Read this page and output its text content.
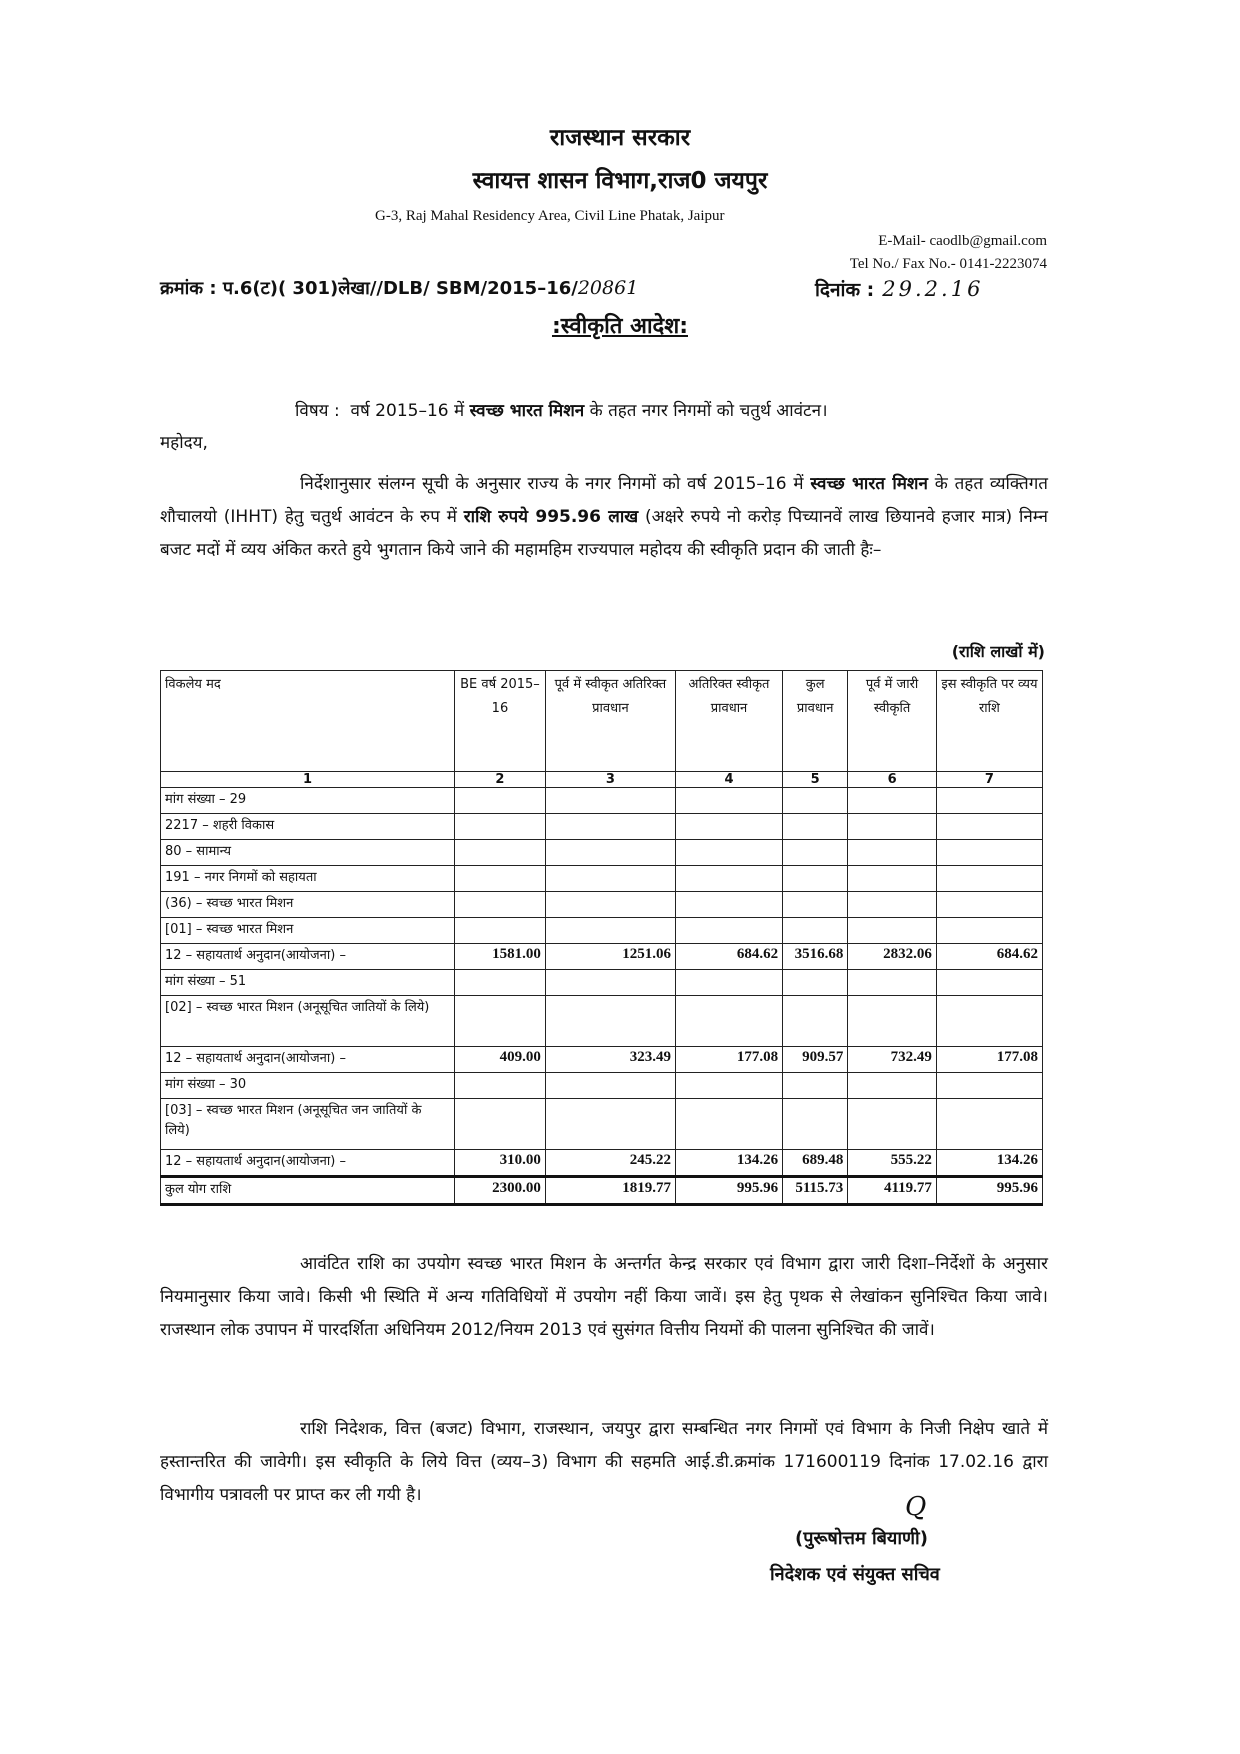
राजस्थान सरकार
स्वायत्त शासन विभाग,राज0 जयपुर
G-3, Raj Mahal Residency Area, Civil Line Phatak, Jaipur
E-Mail- caodlb@gmail.com
Tel No./ Fax No.- 0141-2223074
क्रमांक : प.6(ट)( 301)लेखा//DLB/ SBM/2015–16/20861	दिनांक : 29.2.16
:स्वीकृति आदेश:
विषय : वर्ष 2015–16 में स्वच्छ भारत मिशन के तहत नगर निगमों को चतुर्थ आवंटन।
महोदय,
निर्देशानुसार संलग्न सूची के अनुसार राज्य के नगर निगमों को वर्ष 2015–16 में स्वच्छ भारत मिशन के तहत व्यक्तिगत शौचालयो (IHHT) हेतु चतुर्थ आवंटन के रुप में राशि रुपये 995.96 लाख (अक्षरे रुपये नो करोड़ पिच्यानवें लाख छियानवे हजार मात्र) निम्न बजट मदों में व्यय अंकित करते हुये भुगतान किये जाने की महामहिम राज्यपाल महोदय की स्वीकृति प्रदान की जाती हैः–
(राशि लाखों में)
विकलेय मद	BE वर्ष 2015–16	पूर्व में स्वीकृत अतिरिक्त प्रावधान	अतिरिक्त स्वीकृत प्रावधान	कुल प्रावधान	पूर्व में जारी स्वीकृति	इस स्वीकृति पर व्यय राशि
1	2	3	4	5	6	7
मांग संख्या – 29						
2217 – शहरी विकास						
80 – सामान्य						
191 – नगर निगमों को सहायता						
(36) – स्वच्छ भारत मिशन						
[01] – स्वच्छ भारत मिशन						
12 – सहायतार्थ अनुदान(आयोजना) –	1581.00	1251.06	684.62	3516.68	2832.06	684.62
मांग संख्या – 51						
[02] – स्वच्छ भारत मिशन (अनूसूचित जातियों के लिये)						
12 – सहायतार्थ अनुदान(आयोजना) –	409.00	323.49	177.08	909.57	732.49	177.08
मांग संख्या – 30						
[03] – स्वच्छ भारत मिशन (अनूसूचित जन जातियों के लिये)						
12 – सहायतार्थ अनुदान(आयोजना) –	310.00	245.22	134.26	689.48	555.22	134.26
कुल योग राशि	2300.00	1819.77	995.96	5115.73	4119.77	995.96
आवंटित राशि का उपयोग स्वच्छ भारत मिशन के अन्तर्गत केन्द्र सरकार एवं विभाग द्वारा जारी दिशा–निर्देशों के अनुसार नियमानुसार किया जावे। किसी भी स्थिति में अन्य गतिविधियों में उपयोग नहीं किया जावें। इस हेतु पृथक से लेखांकन सुनिश्चित किया जावे। राजस्थान लोक उपापन में पारदर्शिता अधिनियम 2012/नियम 2013 एवं सुसंगत वित्तीय नियमों की पालना सुनिश्चित की जावें।
राशि निदेशक, वित्त (बजट) विभाग, राजस्थान, जयपुर द्वारा सम्बन्धित नगर निगमों एवं विभाग के निजी निक्षेप खाते में हस्तान्तरित की जावेगी। इस स्वीकृति के लिये वित्त (व्यय–3) विभाग की सहमति आई.डी.क्रमांक 171600119 दिनांक 17.02.16 द्वारा विभागीय पत्रावली पर प्राप्त कर ली गयी है।	Q
(पुरूषोत्तम बियाणी)
निदेशक एवं संयुक्त सचिव
